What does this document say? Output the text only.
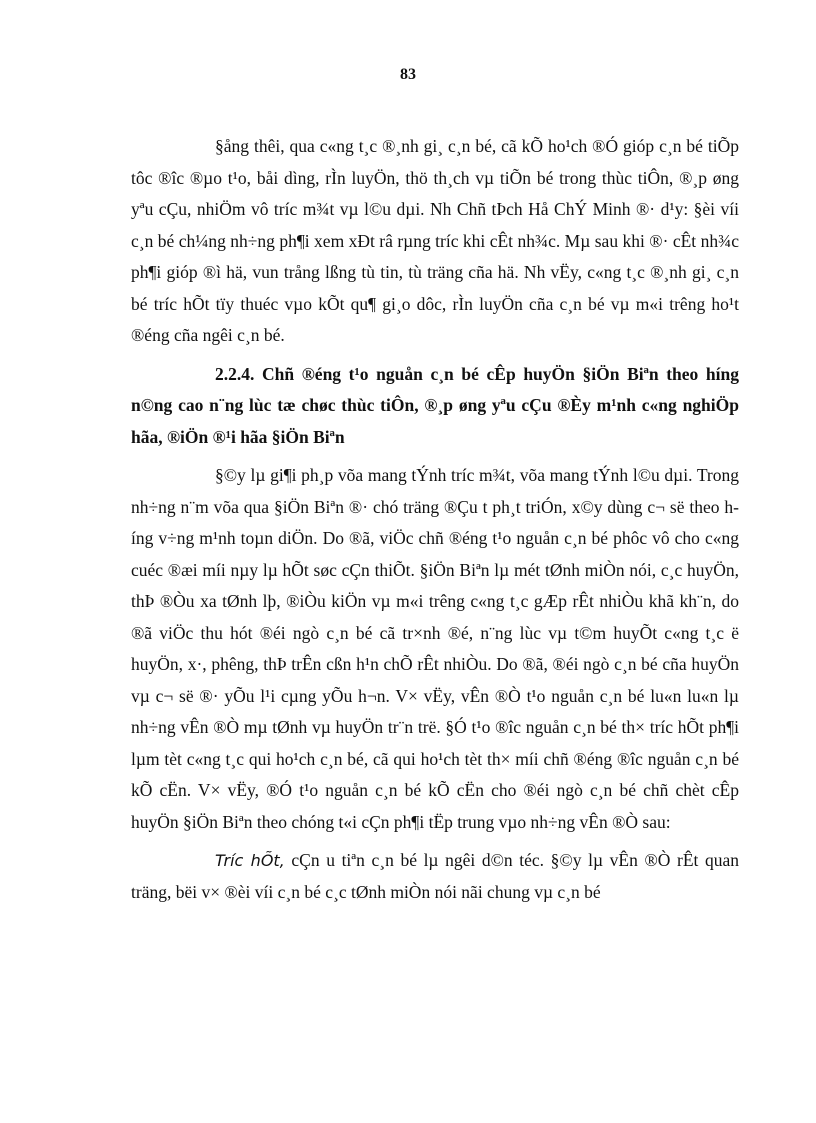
83

§ång thêi, qua c«ng t¸c ®¸nh gi¸ c¸n bé, cã kÕ ho¹ch ®Ó gióp c¸n bé tiÕp tôc ®îc ®µo t¹o, båi dìng, rÌn luyÖn, thö th¸ch vµ tiÕn bé trong thùc tiÔn, ®¸p øng yªu cÇu, nhiÖm vô tríc m¾t vµ l©u dµi. Nh Chñ tÞch Hå ChÝ Minh ®· d¹y: §èi víi c¸n bé ch¼ng nh÷ng ph¶i xem xÐt râ rµng tríc khi cÊt nh¾c. Mµ sau khi ®· cÊt nh¾c ph¶i gióp ®ì hä, vun trång lßng tù tin, tù träng cña hä. Nh vËy, c«ng t¸c ®¸nh gi¸ c¸n bé tríc hÕt tïy thuéc vµo kÕt qu¶ gi¸o dôc, rÌn luyÖn cña c¸n bé vµ m«i trêng ho¹t ®éng cña ngêi c¸n bé.

2.2.4. Chñ ®éng t¹o nguån c¸n bé cÊp huyÖn §iÖn Biªn theo híng n©ng cao n¨ng lùc tæ chøc thùc tiÔn, ®¸p øng yªu cÇu ®Èy m¹nh c«ng nghiÖp hãa, ®iÖn ®¹i hãa §iÖn Biªn

§©y lµ gi¶i ph¸p võa mang tÝnh tríc m¾t, võa mang tÝnh l©u dµi. Trong nh÷ng n¨m võa qua §iÖn Biªn ®· chó träng ®Çu t ph¸t triÓn, x©y dùng c¬ së theo híng v÷ng m¹nh toµn diÖn. Do ®ã, viÖc chñ ®éng t¹o nguån c¸n bé phôc vô cho c«ng cuéc ®æi míi nµy lµ hÕt søc cÇn thiÕt. §iÖn Biªn lµ mét tØnh miÒn nói, c¸c huyÖn, thÞ ®Òu xa tØnh lþ, ®iÒu kiÖn vµ m«i trêng c«ng t¸c gÆp rÊt nhiÒu khã kh¨n, do ®ã viÖc thu hót ®éi ngò c¸n bé cã tr×nh ®é, n¨ng lùc vµ t©m huyÕt c«ng t¸c ë huyÖn, x·, phêng, thÞ trÊn cßn h¹n chÕ rÊt nhiÒu. Do ®ã, ®éi ngò c¸n bé cña huyÖn vµ c¬ së ®· yÕu l¹i cµng yÕu h¬n. V× vËy, vÊn ®Ò t¹o nguån c¸n bé lu«n lu«n lµ nh÷ng vÊn ®Ò mµ tØnh vµ huyÖn tr¨n trë. §Ó t¹o ®îc nguån c¸n bé th× tríc hÕt ph¶i lµm tèt c«ng t¸c qui ho¹ch c¸n bé, cã qui ho¹ch tèt th× míi chñ ®éng ®îc nguån c¸n bé kÕ cËn. V× vËy, ®Ó t¹o nguån c¸n bé kÕ cËn cho ®éi ngò c¸n bé chñ chèt cÊp huyÖn §iÖn Biªn theo chóng t«i cÇn ph¶i tËp trung vµo nh÷ng vÊn ®Ò sau:

Tríc hÕt, cÇn u tiªn c¸n bé lµ ngêi d©n téc. §©y lµ vÊn ®Ò rÊt quan träng, bëi v× ®èi víi c¸n bé c¸c tØnh miÒn nói nãi chung vµ c¸n bé
